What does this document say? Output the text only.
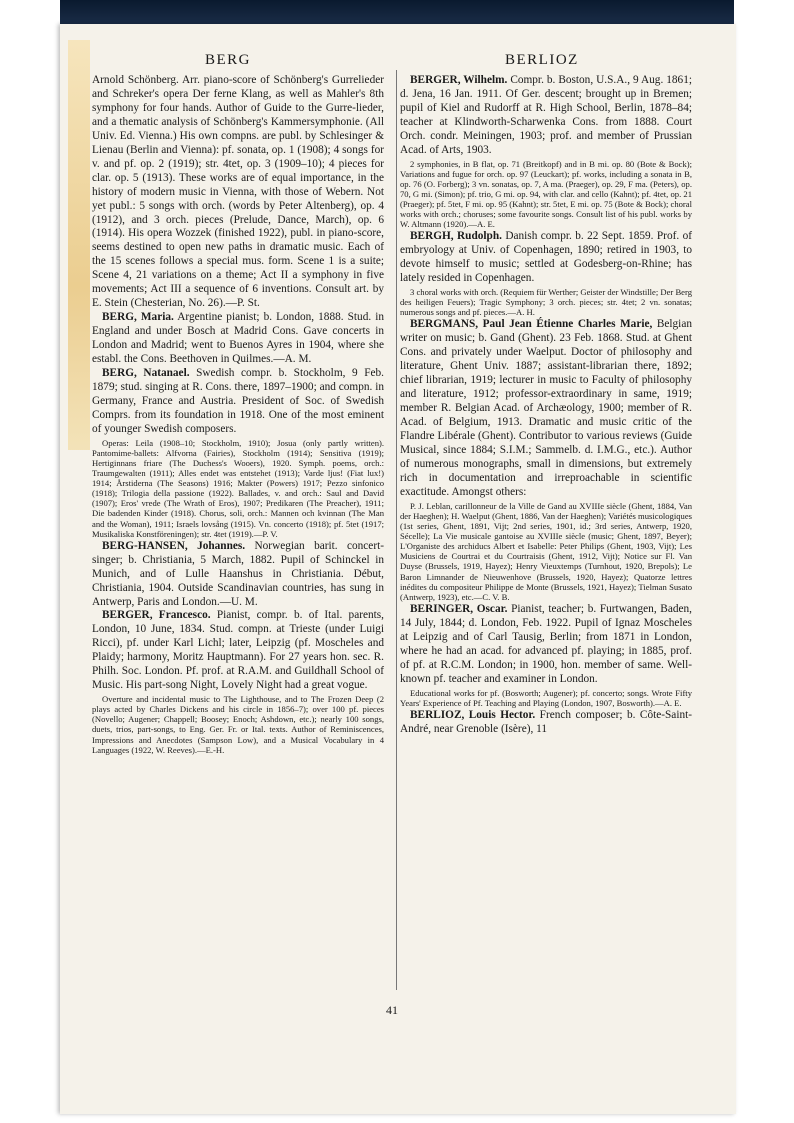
BERG	BERLIOZ

Arnold Schönberg. Arr. piano-score of Schönberg's Gurrelieder and Schreker's opera Der ferne Klang, as well as Mahler's 8th symphony for four hands. Author of Guide to the Gurre-lieder, and a thematic analysis of Schönberg's Kammersymphonie. (All Univ. Ed. Vienna.) His own compns. are publ. by Schlesinger & Lienau (Berlin and Vienna): pf. sonata, op. 1 (1908); 4 songs for v. and pf. op. 2 (1919); str. 4tet, op. 3 (1909–10); 4 pieces for clar. op. 5 (1913). These works are of equal importance, in the history of modern music in Vienna, with those of Webern. Not yet publ.: 5 songs with orch. (words by Peter Altenberg), op. 4 (1912), and 3 orch. pieces (Prelude, Dance, March), op. 6 (1914). His opera Wozzek (finished 1922), publ. in piano-score, seems destined to open new paths in dramatic music. Each of the 15 scenes follows a special mus. form. Scene 1 is a suite; Scene 4, 21 variations on a theme; Act II a symphony in five movements; Act III a sequence of 6 inventions. Consult art. by E. Stein (Chesterian, No. 26).—P. St.

BERG, Maria. Argentine pianist; b. London, 1888. Stud. in England and under Bosch at Madrid Cons. Gave concerts in London and Madrid; went to Buenos Ayres in 1904, where she establ. the Cons. Beethoven in Quilmes.—A. M.

BERG, Natanael. Swedish compr. b. Stockholm, 9 Feb. 1879; stud. singing at R. Cons. there, 1897–1900; and compn. in Germany, France and Austria. President of Soc. of Swedish Comprs. from its foundation in 1918. One of the most eminent of younger Swedish composers.

Operas: Leila (1908–10; Stockholm, 1910); Josua (only partly written). Pantomime-ballets: Alfvorna (Fairies), Stockholm (1914); Sensitiva (1919); Hertiginnans friare (The Duchess's Wooers), 1920. Symph. poems, orch.: Traumgewalten (1911); Alles endet was entstehet (1913); Varde ljus! (Fiat lux!) 1914; Årstiderna (The Seasons) 1916; Makter (Powers) 1917; Pezzo sinfonico (1918); Trilogia della passione (1922). Ballades, v. and orch.: Saul and David (1907); Eros' vrede (The Wrath of Eros), 1907; Predikaren (The Preacher), 1911; Die badenden Kinder (1918). Chorus, soli, orch.: Mannen och kvinnan (The Man and the Woman), 1911; Israels lovsång (1915). Vn. concerto (1918); pf. 5tet (1917; Musikaliska Konstföreningen); str. 4tet (1919).—P. V.

BERG-HANSEN, Johannes. Norwegian barit. concert-singer; b. Christiania, 5 March, 1882. Pupil of Schinckel in Munich, and of Lulle Haanshus in Christiania. Début, Christiania, 1904. Outside Scandinavian countries, has sung in Antwerp, Paris and London.—U. M.

BERGER, Francesco. Pianist, compr. b. of Ital. parents, London, 10 June, 1834. Stud. compn. at Trieste (under Luigi Ricci), pf. under Karl Lichl; later, Leipzig (pf. Moscheles and Plaidy; harmony, Moritz Hauptmann). For 27 years hon. sec. R. Philh. Soc. London. Pf. prof. at R.A.M. and Guildhall School of Music. His part-song Night, Lovely Night had a great vogue.

Overture and incidental music to The Lighthouse, and to The Frozen Deep (2 plays acted by Charles Dickens and his circle in 1856–7); over 100 pf. pieces (Novello; Augener; Chappell; Boosey; Enoch; Ashdown, etc.); nearly 100 songs, duets, trios, part-songs, to Eng. Ger. Fr. or Ital. texts. Author of Reminiscences, Impressions and Anecdotes (Sampson Low), and a Musical Vocabulary in 4 Languages (1922, W. Reeves).—E.-H.

BERGER, Wilhelm. Compr. b. Boston, U.S.A., 9 Aug. 1861; d. Jena, 16 Jan. 1911. Of Ger. descent; brought up in Bremen; pupil of Kiel and Rudorff at R. High School, Berlin, 1878–84; teacher at Klindworth-Scharwenka Cons. from 1888. Court Orch. condr. Meiningen, 1903; prof. and member of Prussian Acad. of Arts, 1903.

2 symphonies, in B flat, op. 71 (Breitkopf) and in B mi. op. 80 (Bote & Bock); Variations and fugue for orch. op. 97 (Leuckart); pf. works, including a sonata in B, op. 76 (O. Forberg); 3 vn. sonatas, op. 7, A ma. (Praeger), op. 29, F ma. (Peters), op. 70, G mi. (Simon); pf. trio, G mi. op. 94, with clar. and cello (Kahnt); pf. 4tet, op. 21 (Praeger); pf. 5tet, F mi. op. 95 (Kahnt); str. 5tet, E mi. op. 75 (Bote & Bock); choral works with orch.; choruses; some favourite songs. Consult list of his publ. works by W. Altmann (1920).—A. E.

BERGH, Rudolph. Danish compr. b. 22 Sept. 1859. Prof. of embryology at Univ. of Copenhagen, 1890; retired in 1903, to devote himself to music; settled at Godesberg-on-Rhine; has lately resided in Copenhagen.

3 choral works with orch. (Requiem für Werther; Geister der Windstille; Der Berg des heiligen Feuers); Tragic Symphony; 3 orch. pieces; str. 4tet; 2 vn. sonatas; numerous songs and pf. pieces.—A. H.

BERGMANS, Paul Jean Étienne Charles Marie, Belgian writer on music; b. Gand (Ghent). 23 Feb. 1868. Stud. at Ghent Cons. and privately under Waelput. Doctor of philosophy and literature, Ghent Univ. 1887; assistant-librarian there, 1892; chief librarian, 1919; lecturer in music to Faculty of philosophy and literature, 1912; professor-extraordinary in same, 1919; member R. Belgian Acad. of Archæology, 1900; member of R. Acad. of Belgium, 1913. Dramatic and music critic of the Flandre Libérale (Ghent). Contributor to various reviews (Guide Musical, since 1884; S.I.M.; Sammelb. d. I.M.G., etc.). Author of numerous monographs, small in dimensions, but extremely rich in documentation and irreproachable in scientific exactitude. Amongst others:

P. J. Leblan, carillonneur de la Ville de Gand au XVIIIe siècle (Ghent, 1884, Van der Haeghen); H. Waelput (Ghent, 1886, Van der Haeghen); Variétés musicologiques (1st series, Ghent, 1891, Vijt; 2nd series, 1901, id.; 3rd series, Antwerp, 1920, Sécelle); La Vie musicale gantoise au XVIIIe siècle (music; Ghent, 1897, Beyer); L'Organiste des archiducs Albert et Isabelle: Peter Philips (Ghent, 1903, Vijt); Les Musiciens de Courtrai et du Courtraisis (Ghent, 1912, Vijt); Notice sur Fl. Van Duyse (Brussels, 1919, Hayez); Henry Vieuxtemps (Turnhout, 1920, Brepols); Le Baron Limnander de Nieuwenhove (Brussels, 1920, Hayez); Quatorze lettres inédites du compositeur Philippe de Monte (Brussels, 1921, Hayez); Tielman Susato (Antwerp, 1923), etc.—C. V. B.

BERINGER, Oscar. Pianist, teacher; b. Furtwangen, Baden, 14 July, 1844; d. London, Feb. 1922. Pupil of Ignaz Moscheles at Leipzig and of Carl Tausig, Berlin; from 1871 in London, where he had an acad. for advanced pf. playing; in 1885, prof. of pf. at R.C.M. London; in 1900, hon. member of same. Well-known pf. teacher and examiner in London.

Educational works for pf. (Bosworth; Augener); pf. concerto; songs. Wrote Fifty Years' Experience of Pf. Teaching and Playing (London, 1907, Bosworth).—A. E.

BERLIOZ, Louis Hector. French composer; b. Côte-Saint-André, near Grenoble (Isère), 11

41
